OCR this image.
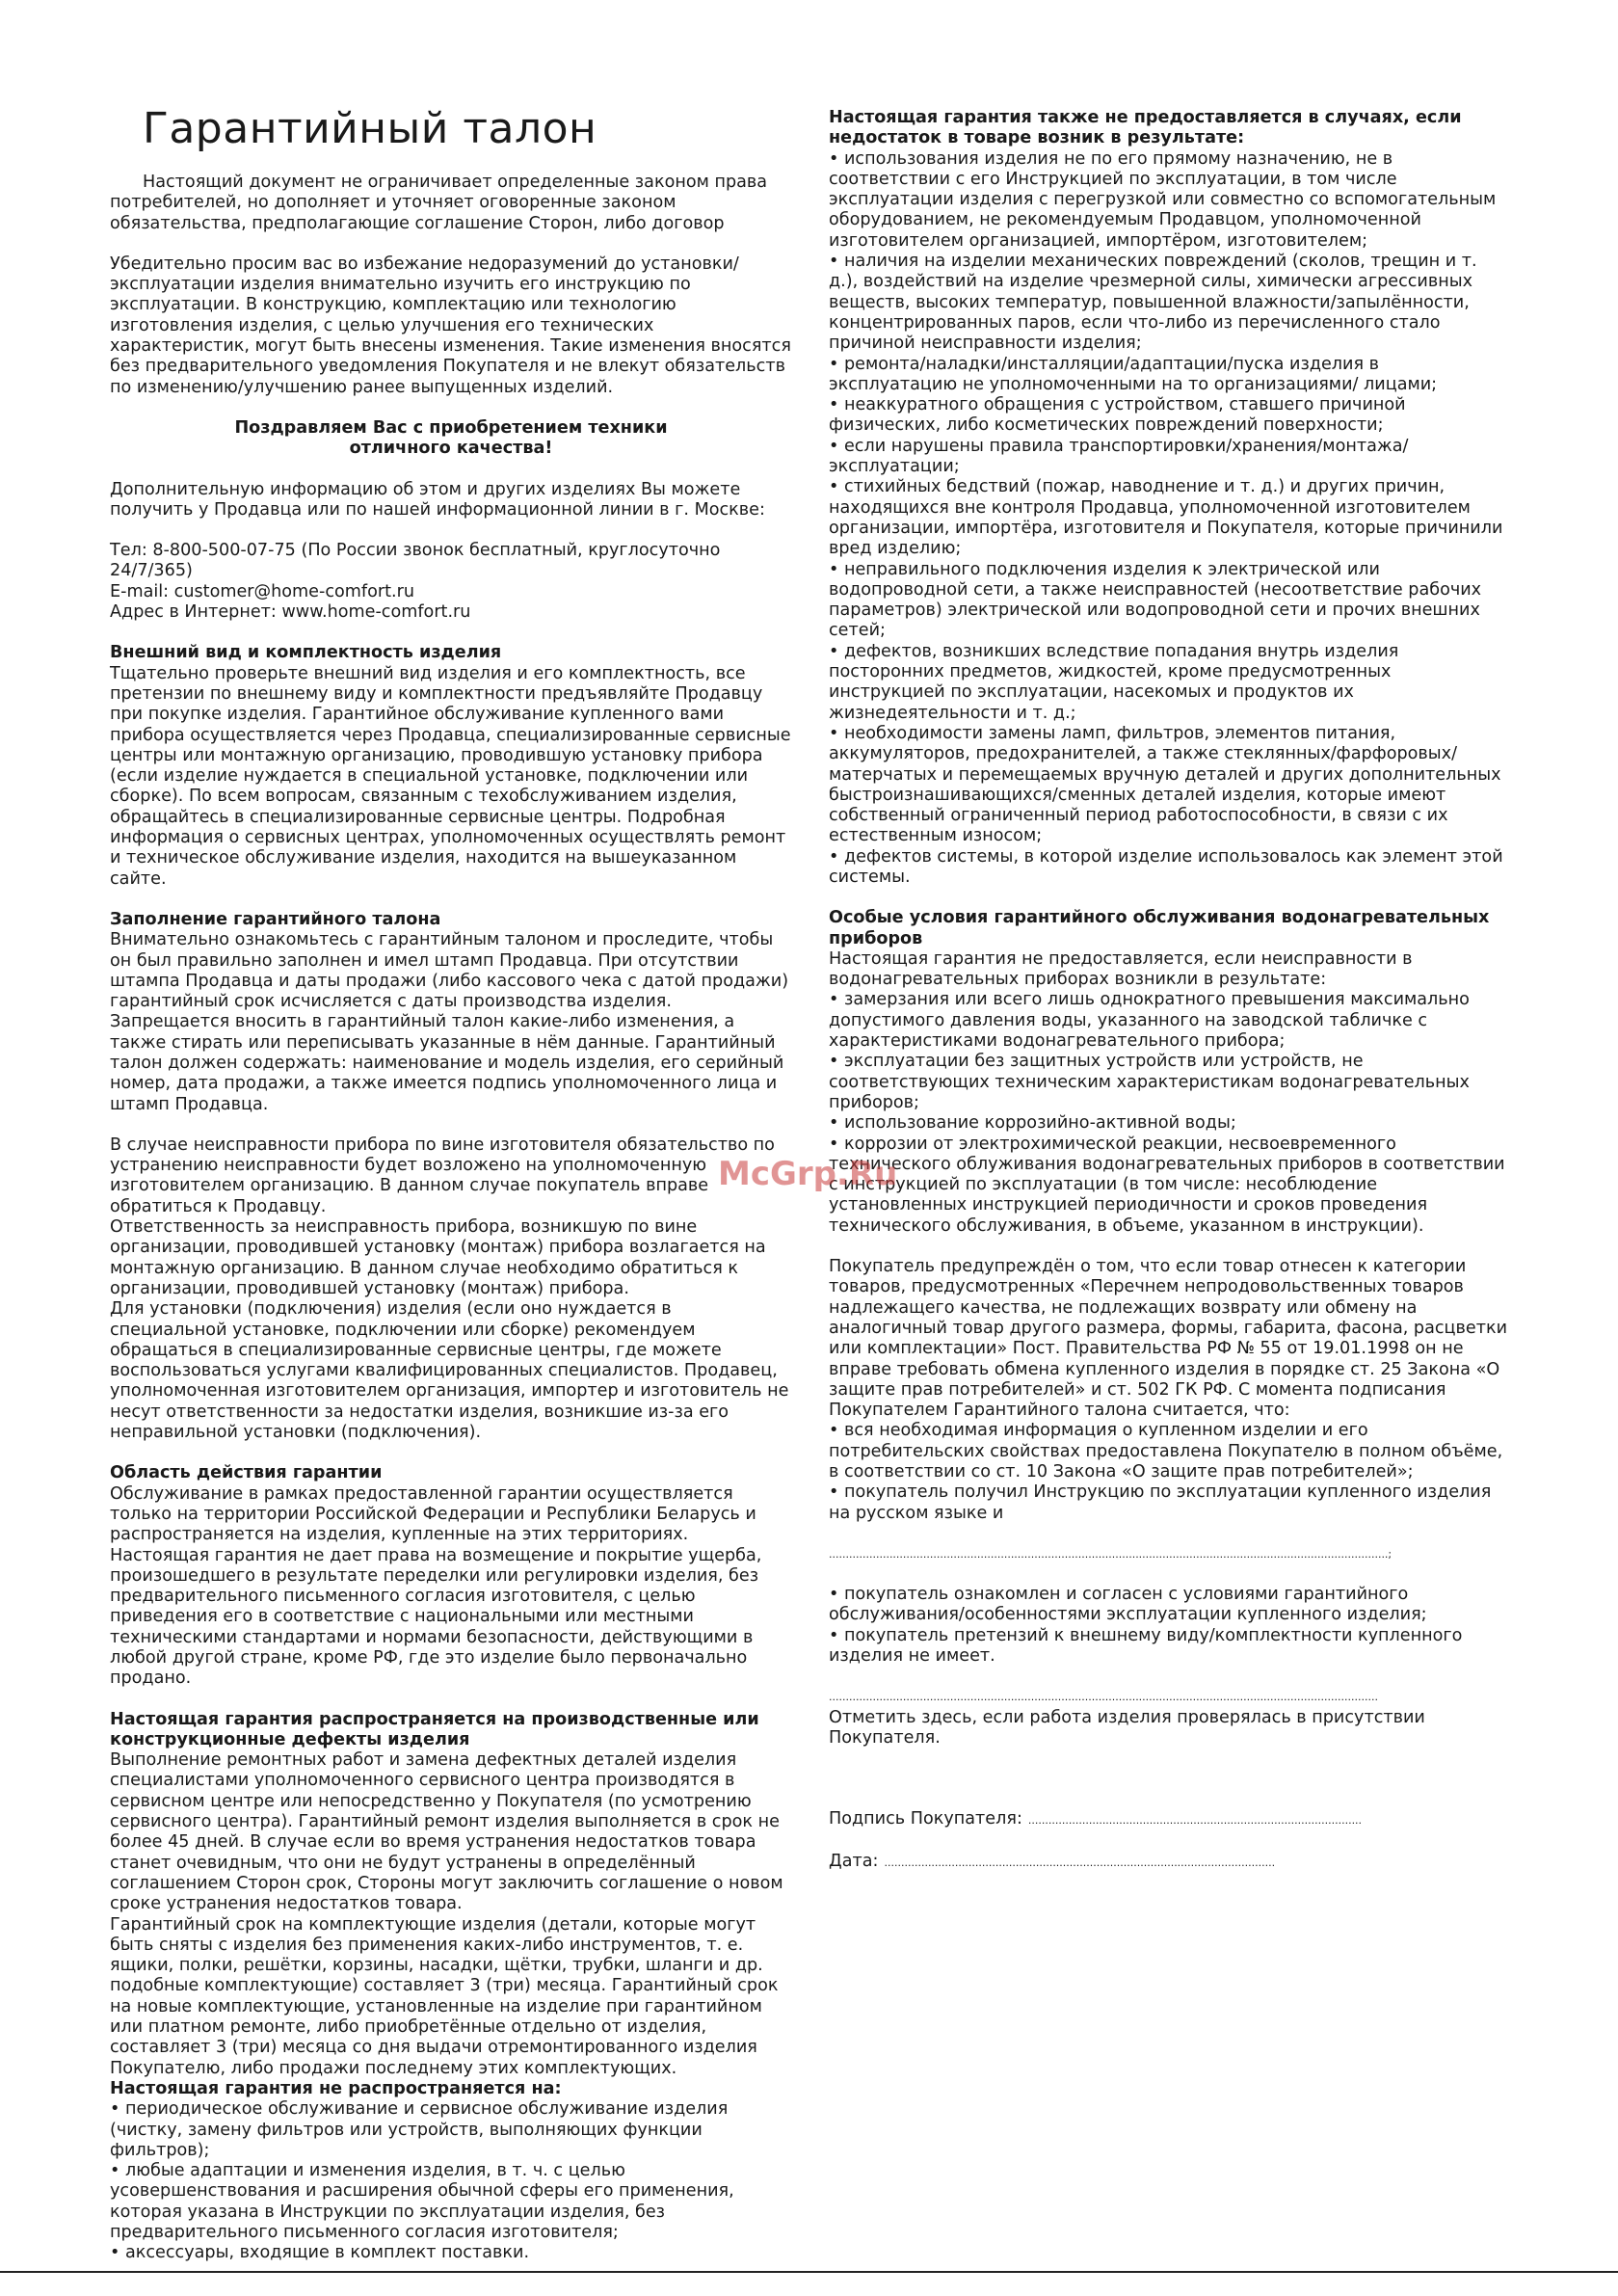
Гарантийный талон

Настоящий документ не ограничивает определенные законом права потребителей, но дополняет и уточняет оговоренные законом обязательства, предполагающие соглашение Сторон, либо договор

Убедительно просим вас во избежание недоразумений до установки/эксплуатации изделия внимательно изучить его инструкцию по эксплуатации. В конструкцию, комплектацию или технологию изготовления изделия, с целью улучшения его технических характеристик, могут быть внесены изменения. Такие изменения вносятся без предварительного уведомления Покупателя и не влекут обязательств по изменению/улучшению ранее выпущенных изделий.

Поздравляем Вас с приобретением техники

отличного качества!

Дополнительную информацию об этом и других изделиях Вы можете получить у Продавца или по нашей информационной линии в г. Москве:

Тел: 8-800-500-07-75 (По России звонок бесплатный, круглосуточно 24/7/365)

E-mail: customer@home-comfort.ru

Адрес в Интернет: www.home-comfort.ru

Внешний вид и комплектность изделия

Тщательно проверьте внешний вид изделия и его комплектность, все претензии по внешнему виду и комплектности предъявляйте Продавцу при покупке изделия. Гарантийное обслуживание купленного вами прибора осуществляется через Продавца, специализированные сервисные центры или монтажную организацию, проводившую установку прибора (если изделие нуждается в специальной установке, подключении или сборке). По всем вопросам, связанным с техобслуживанием изделия, обращайтесь в специализированные сервисные центры. Подробная информация о сервисных центрах, уполномоченных осуществлять ремонт и техническое обслуживание изделия, находится на вышеуказанном сайте.

Заполнение гарантийного талона

Внимательно ознакомьтесь с гарантийным талоном и проследите, чтобы он был правильно заполнен и имел штамп Продавца. При отсутствии штампа Продавца и даты продажи (либо кассового чека с датой продажи) гарантийный срок исчисляется с даты производства изделия. Запрещается вносить в гарантийный талон какие-либо изменения, а также стирать или переписывать указанные в нём данные. Гарантийный талон должен содержать: наименование и модель изделия, его серийный номер, дата продажи, а также имеется подпись уполномоченного лица и штамп Продавца.

В случае неисправности прибора по вине изготовителя обязательство по устранению неисправности будет возложено на уполномоченную изготовителем организацию. В данном случае покупатель вправе обратиться к Продавцу.

Ответственность за неисправность прибора, возникшую по вине организации, проводившей установку (монтаж) прибора возлагается на монтажную организацию. В данном случае необходимо обратиться к организации, проводившей установку (монтаж) прибора.

Для установки (подключения) изделия (если оно нуждается в специальной установке, подключении или сборке) рекомендуем обращаться в специализированные сервисные центры, где можете воспользоваться услугами квалифицированных специалистов. Продавец, уполномоченная изготовителем организация, импортер и изготовитель не несут ответственности за недостатки изделия, возникшие из-за его неправильной установки (подключения).

Область действия гарантии

Обслуживание в рамках предоставленной гарантии осуществляется только на территории Российской Федерации и Республики Беларусь и распространяется на изделия, купленные на этих территориях.

Настоящая гарантия не дает права на возмещение и покрытие ущерба, произошедшего в результате переделки или регулировки изделия, без предварительного письменного согласия изготовителя, с целью приведения его в соответствие с национальными или местными техническими стандартами и нормами безопасности, действующими в любой другой стране, кроме РФ, где это изделие было первоначально продано.

Настоящая гарантия распространяется на производственные или конструкционные дефекты изделия

Выполнение ремонтных работ и замена дефектных деталей изделия специалистами уполномоченного сервисного центра производятся в сервисном центре или непосредственно у Покупателя (по усмотрению сервисного центра). Гарантийный ремонт изделия выполняется в срок не более 45 дней. В случае если во время устранения недостатков товара станет очевидным, что они не будут устранены в определённый соглашением Сторон срок, Стороны могут заключить соглашение о новом сроке устранения недостатков товара.

Гарантийный срок на комплектующие изделия (детали, которые могут быть сняты с изделия без применения каких-либо инструментов, т. е. ящики, полки, решётки, корзины, насадки, щётки, трубки, шланги и др. подобные комплектующие) составляет 3 (три) месяца. Гарантийный срок на новые комплектующие, установленные на изделие при гарантийном или платном ремонте, либо приобретённые отдельно от изделия, составляет 3 (три) месяца со дня выдачи отремонтированного изделия Покупателю, либо продажи последнему этих комплектующих.

Настоящая гарантия не распространяется на:

• периодическое обслуживание и сервисное обслуживание изделия (чистку, замену фильтров или устройств, выполняющих функции фильтров);

• любые адаптации и изменения изделия, в т. ч. с целью усовершенствования и расширения обычной сферы его применения, которая указана в Инструкции по эксплуатации изделия, без предварительного письменного согласия изготовителя;

• аксессуары, входящие в комплект поставки.

Настоящая гарантия также не предоставляется в случаях, если недостаток в товаре возник в результате:

• использования изделия не по его прямому назначению, не в соответствии с его Инструкцией по эксплуатации, в том числе эксплуатации изделия с перегрузкой или совместно со вспомогательным оборудованием, не рекомендуемым Продавцом, уполномоченной изготовителем организацией, импортёром, изготовителем;

• наличия на изделии механических повреждений (сколов, трещин и т. д.), воздействий на изделие чрезмерной силы, химически агрессивных веществ, высоких температур, повышенной влажности/запылённости, концентрированных паров, если что-либо из перечисленного стало причиной неисправности изделия;

• ремонта/наладки/инсталляции/адаптации/пуска изделия в эксплуатацию не уполномоченными на то организациями/ лицами;

• неаккуратного обращения с устройством, ставшего причиной физических, либо косметических повреждений поверхности;

• если нарушены правила транспортировки/хранения/монтажа/эксплуатации;

• стихийных бедствий (пожар, наводнение и т. д.) и других причин, находящихся вне контроля Продавца, уполномоченной изготовителем организации, импортёра, изготовителя и Покупателя, которые причинили вред изделию;

• неправильного подключения изделия к электрической или водопроводной сети, а также неисправностей (несоответствие рабочих параметров) электрической или водопроводной сети и прочих внешних сетей;

• дефектов, возникших вследствие попадания внутрь изделия посторонних предметов, жидкостей, кроме предусмотренных инструкцией по эксплуатации, насекомых и продуктов их жизнедеятельности и т. д.;

• необходимости замены ламп, фильтров, элементов питания, аккумуляторов, предохранителей, а также стеклянных/фарфоровых/матерчатых и перемещаемых вручную деталей и других дополнительных быстроизнашивающихся/сменных деталей изделия, которые имеют собственный ограниченный период работоспособности, в связи с их естественным износом;

• дефектов системы, в которой изделие использовалось как элемент этой системы.

Особые условия гарантийного обслуживания водонагревательных приборов

Настоящая гарантия не предоставляется, если неисправности в водонагревательных приборах возникли в результате:

• замерзания или всего лишь однократного превышения максимально допустимого давления воды, указанного на заводской табличке с характеристиками водонагревательного прибора;

• эксплуатации без защитных устройств или устройств, не соответствующих техническим характеристикам водонагревательных приборов;

• использование коррозийно-активной воды;

• коррозии от электрохимической реакции, несвоевременного технического облуживания водонагревательных приборов в соответствии с инструкцией по эксплуатации (в том числе: несоблюдение установленных инструкцией периодичности и сроков проведения технического обслуживания, в объеме, указанном в инструкции).

Покупатель предупреждён о том, что если товар отнесен к категории товаров, предусмотренных «Перечнем непродовольственных товаров надлежащего качества, не подлежащих возврату или обмену на аналогичный товар другого размера, формы, габарита, фасона, расцветки или комплектации» Пост. Правительства РФ № 55 от 19.01.1998 он не вправе требовать обмена купленного изделия в порядке ст. 25 Закона «О защите прав потребителей» и ст. 502 ГК РФ. С момента подписания Покупателем Гарантийного талона считается, что:

• вся необходимая информация о купленном изделии и его потребительских свойствах предоставлена Покупателю в полном объёме, в соответствии со ст. 10 Закона «О защите прав потребителей»;

• покупатель получил Инструкцию по эксплуатации купленного изделия на русском языке и

......................................................................................................................................................................;

• покупатель ознакомлен и согласен с условиями гарантийного обслуживания/особенностями эксплуатации купленного изделия;

• покупатель претензий к внешнему виду/комплектности купленного изделия не имеет.

...................................................................................................................................................................

Отметить здесь, если работа изделия проверялась в присутствии Покупателя.

Подпись Покупателя: ...................................................................................................

Дата: ....................................................................................................................

McGrp.Ru
